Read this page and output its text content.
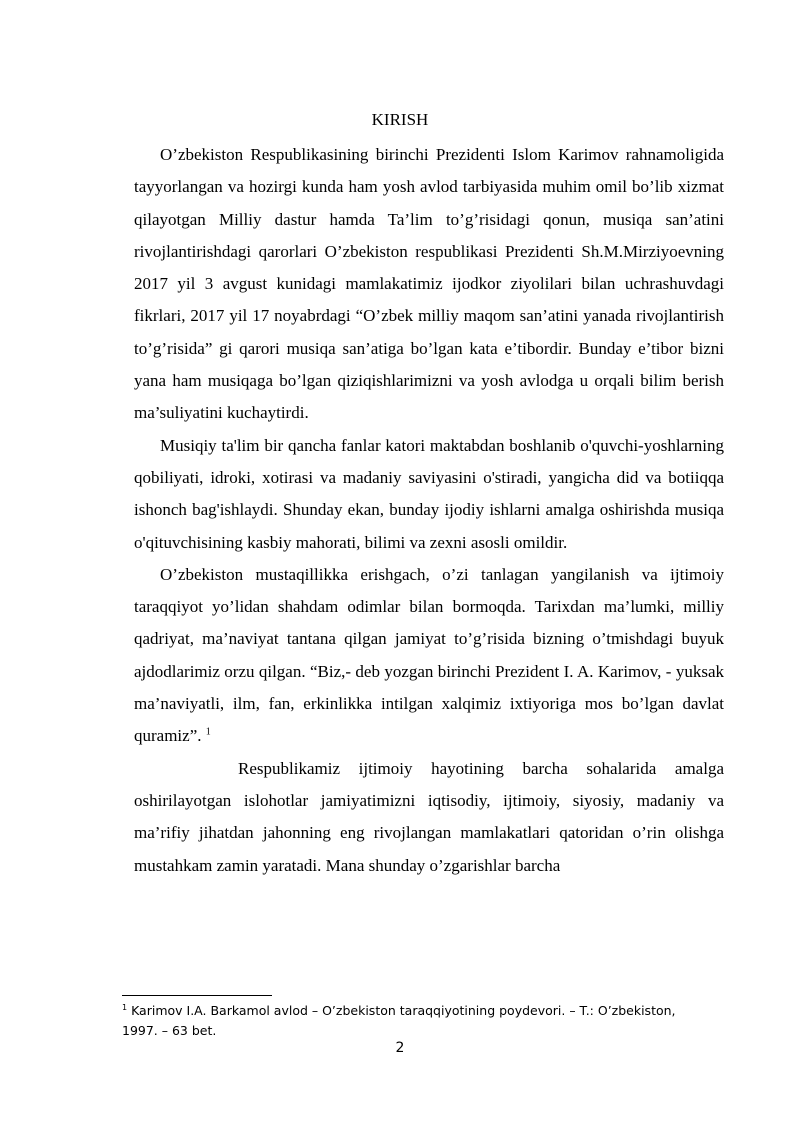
KIRISH

O’zbekiston Respublikasining birinchi Prezidenti Islom Karimov rahnamoligida tayyorlangan va hozirgi kunda ham yosh avlod tarbiyasida muhim omil bo’lib xizmat qilayotgan Milliy dastur hamda Ta’lim to’g’risidagi qonun, musiqa san’atini rivojlantirishdagi qarorlari O’zbekiston respublikasi Prezidenti Sh.M.Mirziyoevning 2017 yil 3 avgust kunidagi mamlakatimiz ijodkor ziyolilari bilan uchrashuvdagi fikrlari, 2017 yil 17 noyabrdagi “O’zbek milliy maqom san’atini yanada rivojlantirish to’g’risida” gi qarori musiqa san’atiga bo’lgan kata e’tibordir. Bunday e’tibor bizni yana ham musiqaga bo’lgan qiziqishlarimizni va yosh avlodga u orqali bilim berish ma’suliyatini kuchaytirdi.

Musiqiy ta'lim bir qancha fanlar katori maktabdan boshlanib o'quvchi-yoshlarning qobiliyati, idroki, xotirasi va madaniy saviyasini o'stiradi, yangicha did va botiiqqa ishonch bag'ishlaydi. Shunday ekan, bunday ijodiy ishlarni amalga oshirishda musiqa o'qituvchisining kasbiy mahorati, bilimi va zexni asosli omildir.

O’zbekiston mustaqillikka erishgach, o’zi tanlagan yangilanish va ijtimoiy taraqqiyot yo’lidan shahdam odimlar bilan bormoqda. Tarixdan ma’lumki, milliy qadriyat, ma’naviyat tantana qilgan jamiyat to’g’risida bizning o’tmishdagi buyuk ajdodlarimiz orzu qilgan. “Biz,- deb yozgan birinchi Prezident I. A. Karimov, - yuksak ma’naviyatli, ilm, fan, erkinlikka intilgan xalqimiz ixtiyoriga mos bo’lgan davlat quramiz”. $^1$

Respublikamiz ijtimoiy hayotining barcha sohalarida amalga oshirilayotgan islohotlar jamiyatimizni iqtisodiy, ijtimoiy, siyosiy, madaniy va ma’rifiy jihatdan jahonning eng rivojlangan mamlakatlari qatoridan o’rin olishga mustahkam zamin yaratadi. Mana shunday o’zgarishlar barcha

$^1$ Karimov I.A. Barkamol avlod – O’zbekiston taraqqiyotining poydevori. – T.: O’zbekiston, 1997. – 63 bet.
2
